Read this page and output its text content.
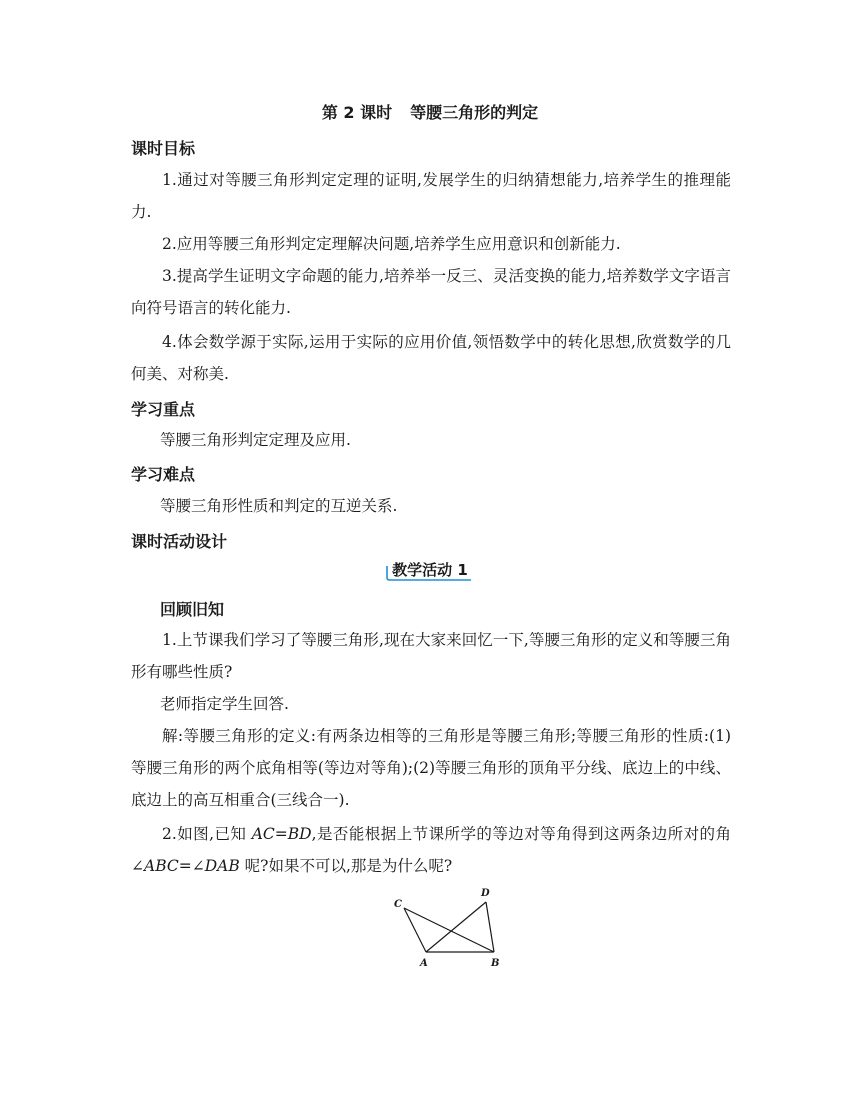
第 2 课时 等腰三角形的判定
课时目标
1.通过对等腰三角形判定定理的证明,发展学生的归纳猜想能力,培养学生的推理能力.
2.应用等腰三角形判定定理解决问题,培养学生应用意识和创新能力.
3.提高学生证明文字命题的能力,培养举一反三、灵活变换的能力,培养数学文字语言向符号语言的转化能力.
4.体会数学源于实际,运用于实际的应用价值,领悟数学中的转化思想,欣赏数学的几何美、对称美.
学习重点
等腰三角形判定定理及应用.
学习难点
等腰三角形性质和判定的互逆关系.
课时活动设计
教学活动 1
回顾旧知
1.上节课我们学习了等腰三角形,现在大家来回忆一下,等腰三角形的定义和等腰三角形有哪些性质?
老师指定学生回答.
解:等腰三角形的定义:有两条边相等的三角形是等腰三角形;等腰三角形的性质:(1)等腰三角形的两个底角相等(等边对等角);(2)等腰三角形的顶角平分线、底边上的中线、底边上的高互相重合(三线合一).
2.如图,已知 AC=BD,是否能根据上节课所学的等边对等角得到这两条边所对的角∠ABC=∠DAB 呢?如果不可以,那是为什么呢?
C
D
A	B
